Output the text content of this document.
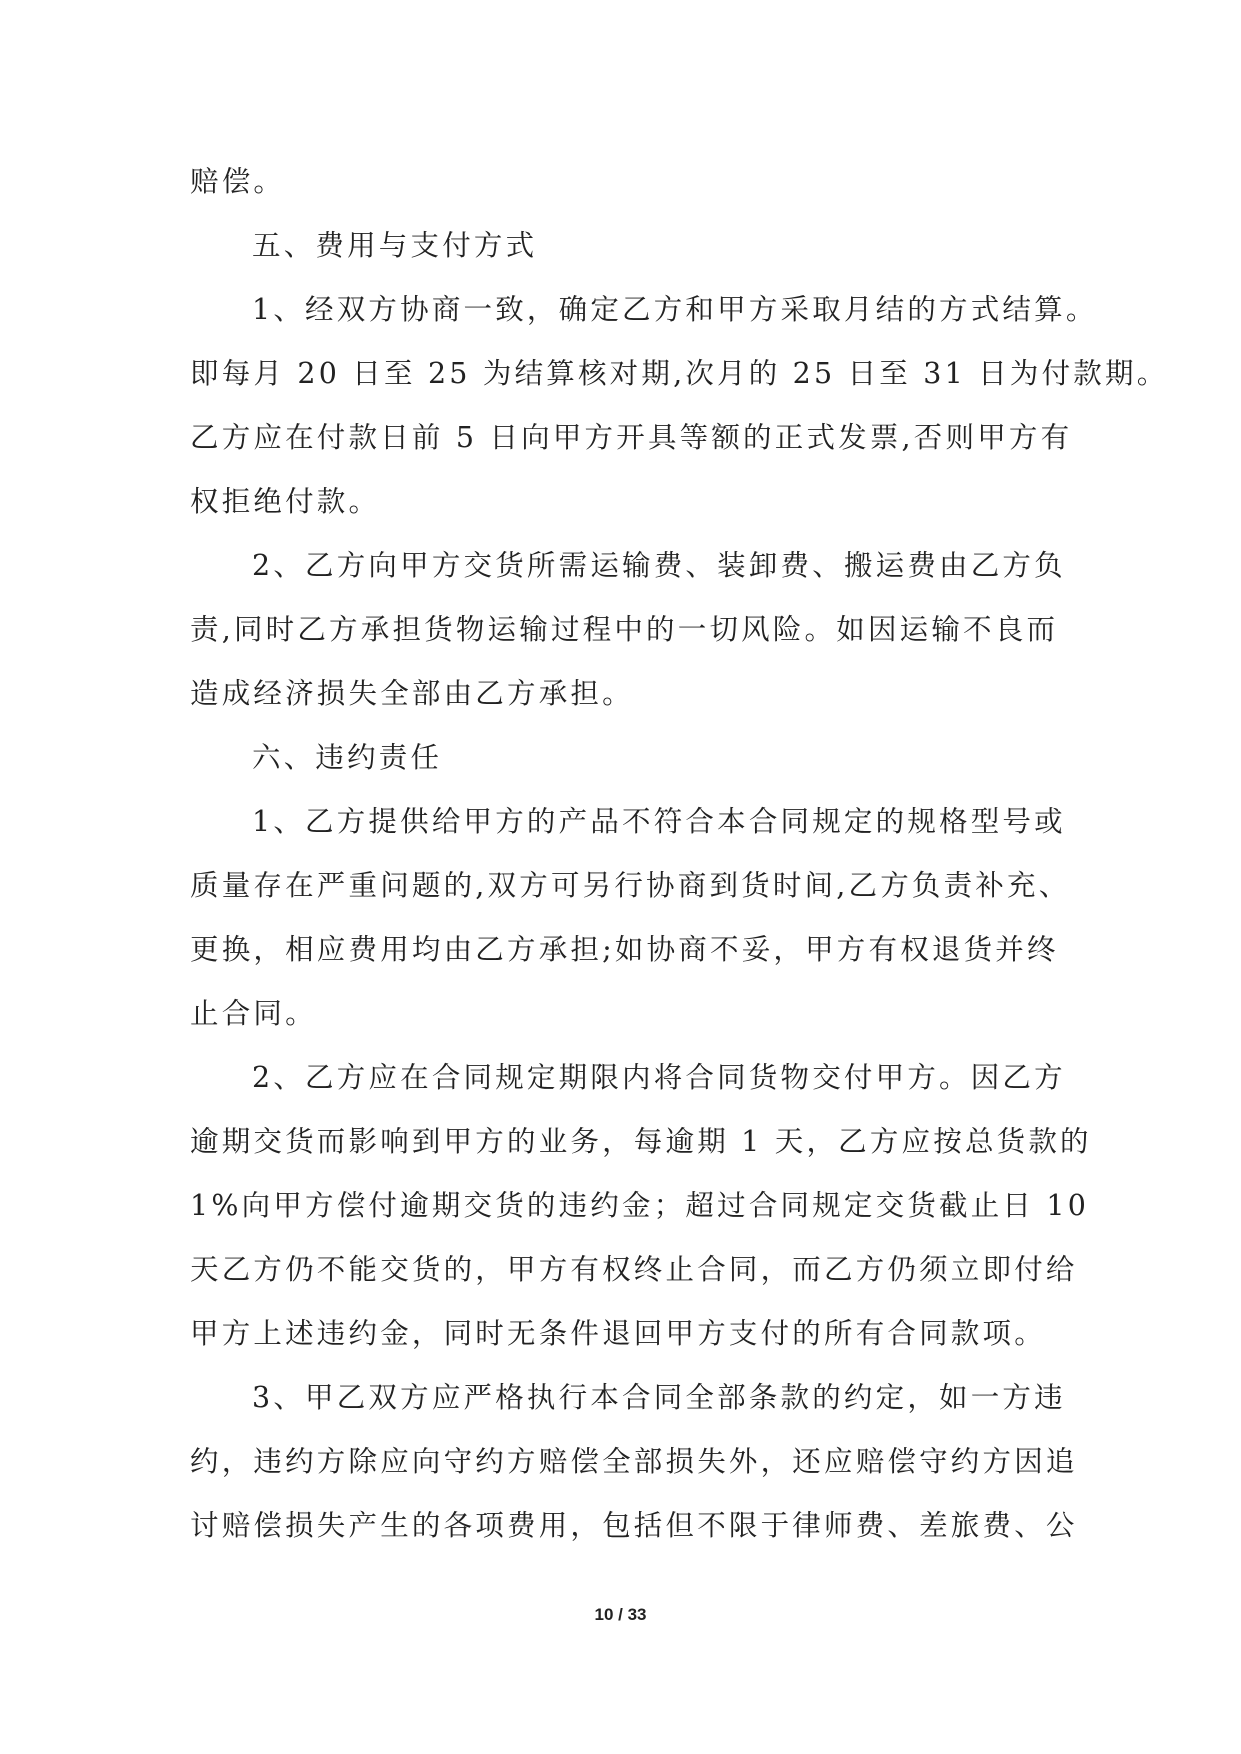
赔偿。
五、费用与支付方式
1、经双方协商一致，确定乙方和甲方采取月结的方式结算。
即每月 20 日至 25 为结算核对期,次月的 25 日至 31 日为付款期。
乙方应在付款日前 5 日向甲方开具等额的正式发票,否则甲方有
权拒绝付款。
2、乙方向甲方交货所需运输费、装卸费、搬运费由乙方负
责,同时乙方承担货物运输过程中的一切风险。如因运输不良而
造成经济损失全部由乙方承担。
六、违约责任
1、乙方提供给甲方的产品不符合本合同规定的规格型号或
质量存在严重问题的,双方可另行协商到货时间,乙方负责补充、
更换，相应费用均由乙方承担;如协商不妥，甲方有权退货并终
止合同。
2、乙方应在合同规定期限内将合同货物交付甲方。因乙方
逾期交货而影响到甲方的业务，每逾期 1 天，乙方应按总货款的
1%向甲方偿付逾期交货的违约金；超过合同规定交货截止日 10
天乙方仍不能交货的，甲方有权终止合同，而乙方仍须立即付给
甲方上述违约金，同时无条件退回甲方支付的所有合同款项。
3、甲乙双方应严格执行本合同全部条款的约定，如一方违
约，违约方除应向守约方赔偿全部损失外，还应赔偿守约方因追
讨赔偿损失产生的各项费用，包括但不限于律师费、差旅费、公
10 / 33
